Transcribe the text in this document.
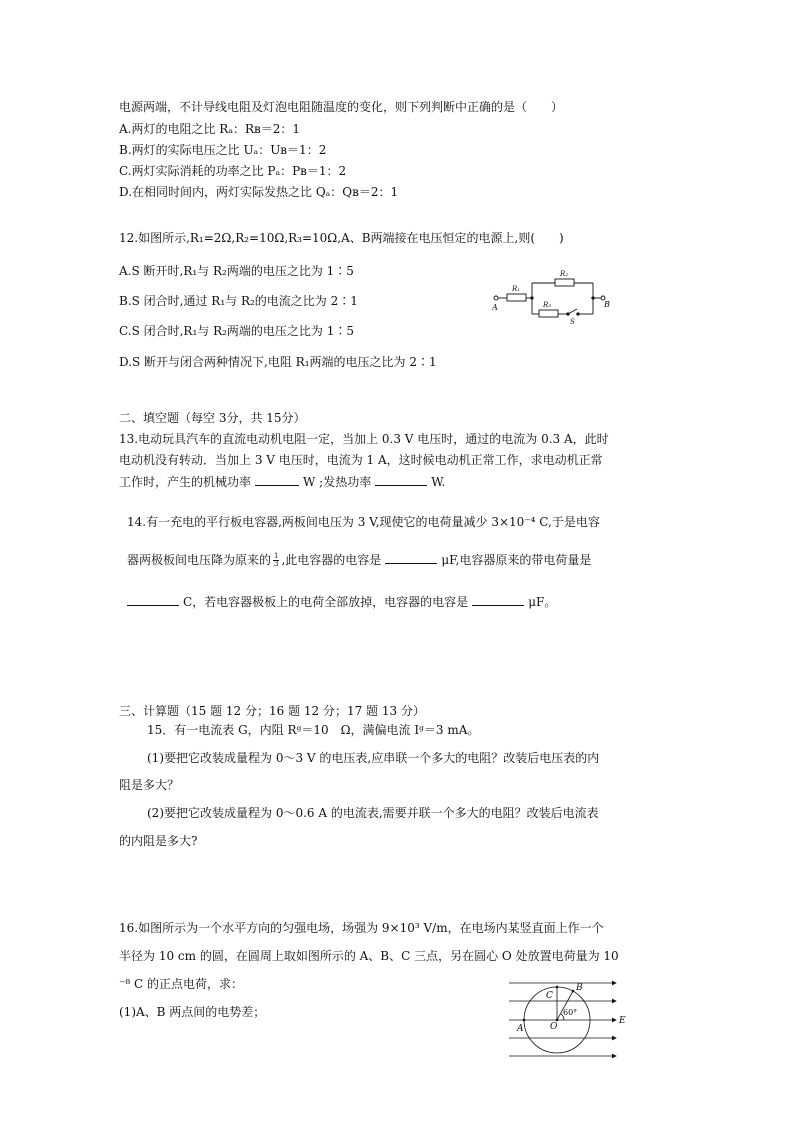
电源两端，不计导线电阻及灯泡电阻随温度的变化，则下列判断中正确的是（　　）
A.两灯的电阻之比 Rₐ：Rʙ＝2：1
B.两灯的实际电压之比 Uₐ：Uʙ＝1：2
C.两灯实际消耗的功率之比 Pₐ：Pʙ＝1：2
D.在相同时间内，两灯实际发热之比 Qₐ：Qʙ＝2：1
12.如图所示,R₁=2Ω,R₂=10Ω,R₃=10Ω,A、B两端接在电压恒定的电源上,则(　　)
A.S 断开时,R₁与 R₂两端的电压之比为 1∶5
B.S 闭合时,通过 R₁与 R₂的电流之比为 2∶1
C.S 闭合时,R₁与 R₂两端的电压之比为 1∶5
D.S 断开与闭合两种情况下,电阻 R₁两端的电压之比为 2∶1
A	B
R₁
R₂
R₃
S
二、填空题（每空 3分，共 15分）
13.电动玩具汽车的直流电动机电阻一定，当加上 0.3 V 电压时，通过的电流为 0.3 A，此时
电动机没有转动．当加上 3 V 电压时，电流为 1 A，这时候电动机正常工作，求电动机正常
工作时，产生的机械功率	W ;发热功率	W.
14.有一充电的平行板电容器,两板间电压为 3 V,现使它的电荷量减少 3×10⁻⁴ C,于是电容
器两极板间电压降为原来的 $\frac{1}{3}$ ,此电容器的电容是	μF,电容器原来的带电荷量是
C，若电容器极板上的电荷全部放掉，电容器的电容是	μF。
三、计算题（15 题 12 分；16 题 12 分；17 题 13 分）
15．有一电流表 G，内阻 Rᵍ＝10　Ω，满偏电流 Iᵍ＝3 mA。
(1)要把它改装成量程为 0～3 V 的电压表,应串联一个多大的电阻？改装后电压表的内
阻是多大？
(2)要把它改装成量程为 0～0.6 A 的电流表,需要并联一个多大的电阻？改装后电流表
的内阻是多大?
16.如图所示为一个水平方向的匀强电场，场强为 9×10³ V/m，在电场内某竖直面上作一个
半径为 10 cm 的圆，在圆周上取如图所示的 A、B、C 三点，另在圆心 O 处放置电荷量为 10
⁻⁸ C 的正点电荷，求：
(1)A、B 两点间的电势差；
A
B
C
O
E
60°
